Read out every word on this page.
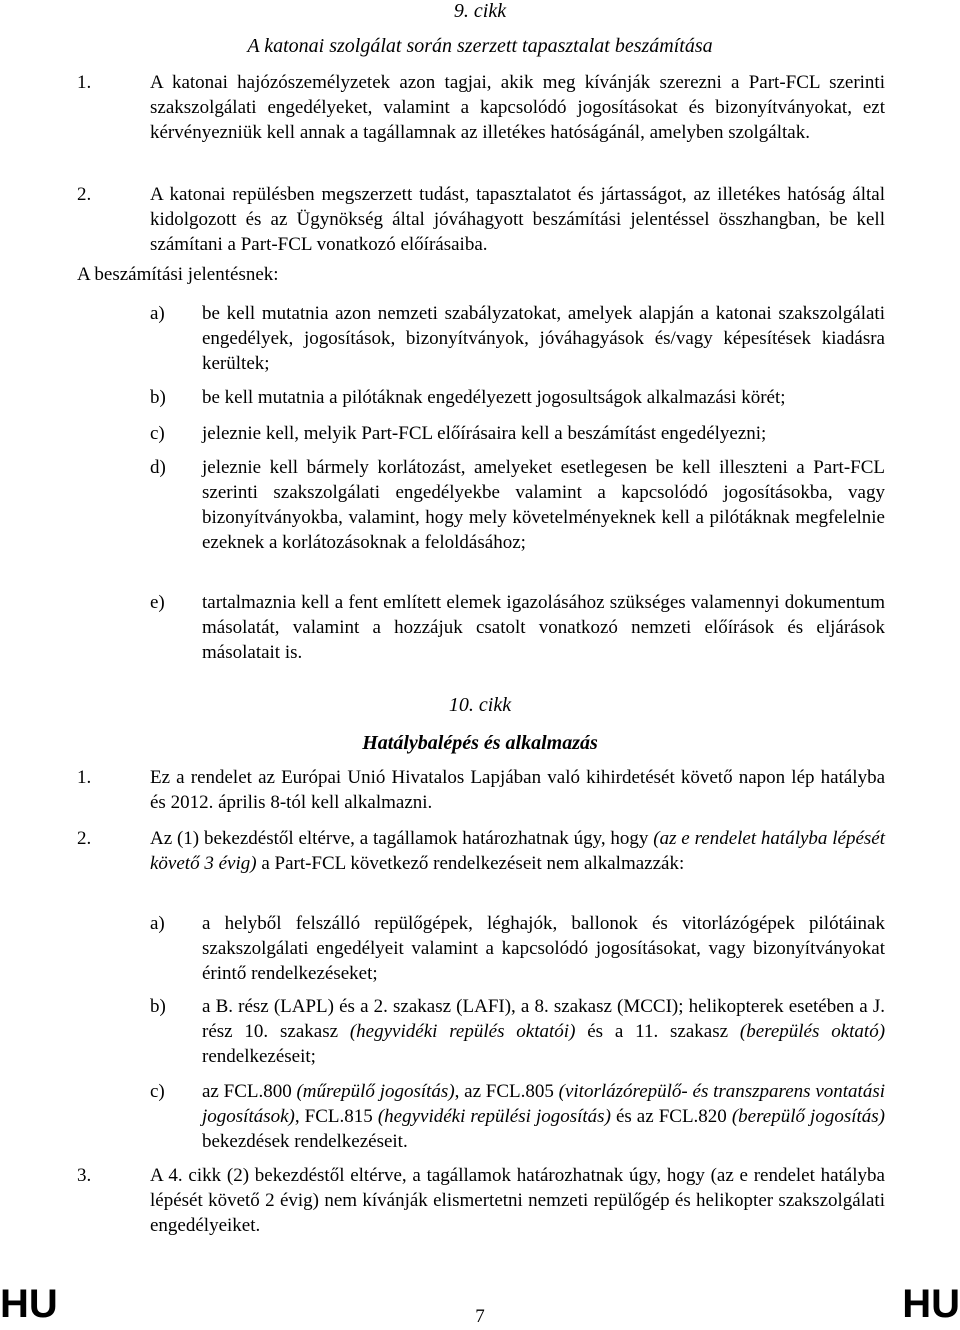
9. cikk
A katonai szolgálat során szerzett tapasztalat beszámítása
1.	A katonai hajózószemélyzetek azon tagjai, akik meg kívánják szerezni a Part-FCL szerinti szakszolgálati engedélyeket, valamint a kapcsolódó jogosításokat és bizonyítványokat, ezt kérvényezniük kell annak a tagállamnak az illetékes hatóságánál, amelyben szolgáltak.
2.	A katonai repülésben megszerzett tudást, tapasztalatot és jártasságot, az illetékes hatóság által kidolgozott és az Ügynökség által jóváhagyott beszámítási jelentéssel összhangban, be kell számítani a Part-FCL vonatkozó előírásaiba.
A beszámítási jelentésnek:
a) be kell mutatnia azon nemzeti szabályzatokat, amelyek alapján a katonai szakszolgálati engedélyek, jogosítások, bizonyítványok, jóváhagyások és/vagy képesítések kiadásra kerültek;
b) be kell mutatnia a pilótáknak engedélyezett jogosultságok alkalmazási körét;
c) jeleznie kell, melyik Part-FCL előírásaira kell a beszámítást engedélyezni;
d) jeleznie kell bármely korlátozást, amelyeket esetlegesen be kell illeszteni a Part-FCL szerinti szakszolgálati engedélyekbe valamint a kapcsolódó jogosításokba, vagy bizonyítványokba, valamint, hogy mely követelményeknek kell a pilótáknak megfelelnie ezeknek a korlátozásoknak a feloldásához;
e) tartalmaznia kell a fent említett elemek igazolásához szükséges valamennyi dokumentum másolatát, valamint a hozzájuk csatolt vonatkozó nemzeti előírások és eljárások másolatait is.
10. cikk
Hatálybalépés és alkalmazás
1.	Ez a rendelet az Európai Unió Hivatalos Lapjában való kihirdetését követő napon lép hatályba és 2012. április 8-tól kell alkalmazni.
2.	Az (1) bekezdéstől eltérve, a tagállamok határozhatnak úgy, hogy (az e rendelet hatályba lépését követő 3 évig) a Part-FCL következő rendelkezéseit nem alkalmazzák:
a) a helyből felszálló repülőgépek, léghajók, ballonok és vitorlázógépek pilótáinak szakszolgálati engedélyeit valamint a kapcsolódó jogosításokat, vagy bizonyítványokat érintő rendelkezéseket;
b) a B. rész (LAPL) és a 2. szakasz (LAFI), a 8. szakasz (MCCI); helikopterek esetében a J. rész 10. szakasz (hegyvidéki repülés oktatói) és a 11. szakasz (berepülés oktató) rendelkezéseit;
c) az FCL.800 (műrepülő jogosítás), az FCL.805 (vitorlázórepülő- és transzparens vontatási jogosítások), FCL.815 (hegyvidéki repülési jogosítás) és az FCL.820 (berepülő jogosítás) bekezdések rendelkezéseit.
3.	A 4. cikk (2) bekezdéstől eltérve, a tagállamok határozhatnak úgy, hogy (az e rendelet hatályba lépését követő 2 évig) nem kívánják elismertetni nemzeti repülőgép és helikopter szakszolgálati engedélyeiket.
HU	7	HU
